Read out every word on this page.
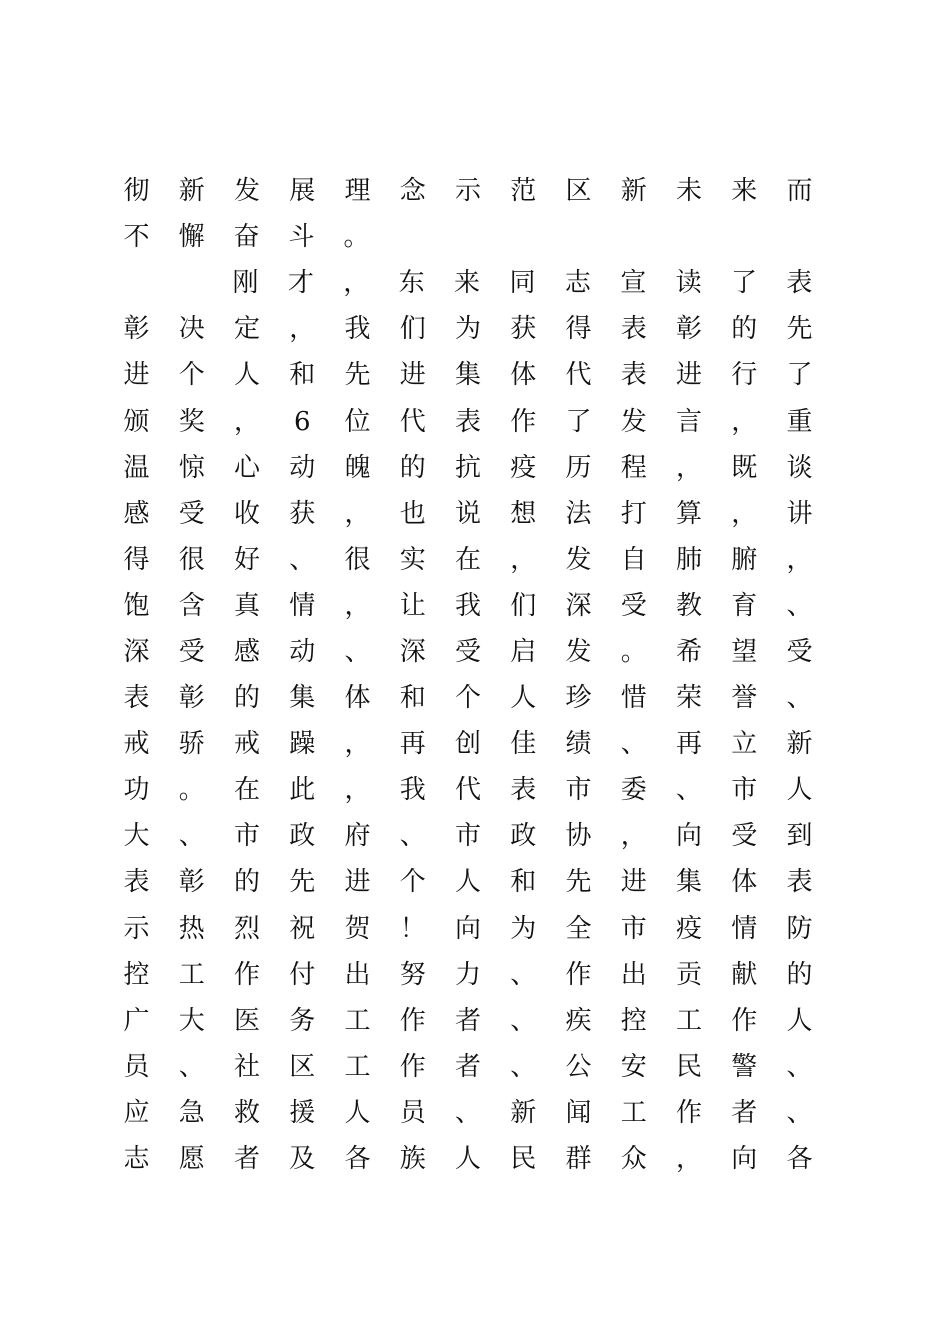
彻 新 发 展 理 念 示 范 区 新 未 来 而
不 懈 奋 斗 。
刚 才 ， 东 来 同 志 宣 读 了 表
彰 决 定 ， 我 们 为 获 得 表 彰 的 先
进 个 人 和 先 进 集 体 代 表 进 行 了
颁 奖 ， 6 位 代 表 作 了 发 言 ， 重
温 惊 心 动 魄 的 抗 疫 历 程 ， 既 谈
感 受 收 获 ， 也 说 想 法 打 算 ， 讲
得 很 好 、 很 实 在 ， 发 自 肺 腑 ，
饱 含 真 情 ， 让 我 们 深 受 教 育 、
深 受 感 动 、 深 受 启 发 。 希 望 受
表 彰 的 集 体 和 个 人 珍 惜 荣 誉 、
戒 骄 戒 躁 ， 再 创 佳 绩 、 再 立 新
功 。 在 此 ， 我 代 表 市 委 、 市 人
大 、 市 政 府 、 市 政 协 ， 向 受 到
表 彰 的 先 进 个 人 和 先 进 集 体 表
示 热 烈 祝 贺 ！ 向 为 全 市 疫 情 防
控 工 作 付 出 努 力 、 作 出 贡 献 的
广 大 医 务 工 作 者 、 疾 控 工 作 人
员 、 社 区 工 作 者 、 公 安 民 警 、
应 急 救 援 人 员 、 新 闻 工 作 者 、
志 愿 者 及 各 族 人 民 群 众 ， 向 各
